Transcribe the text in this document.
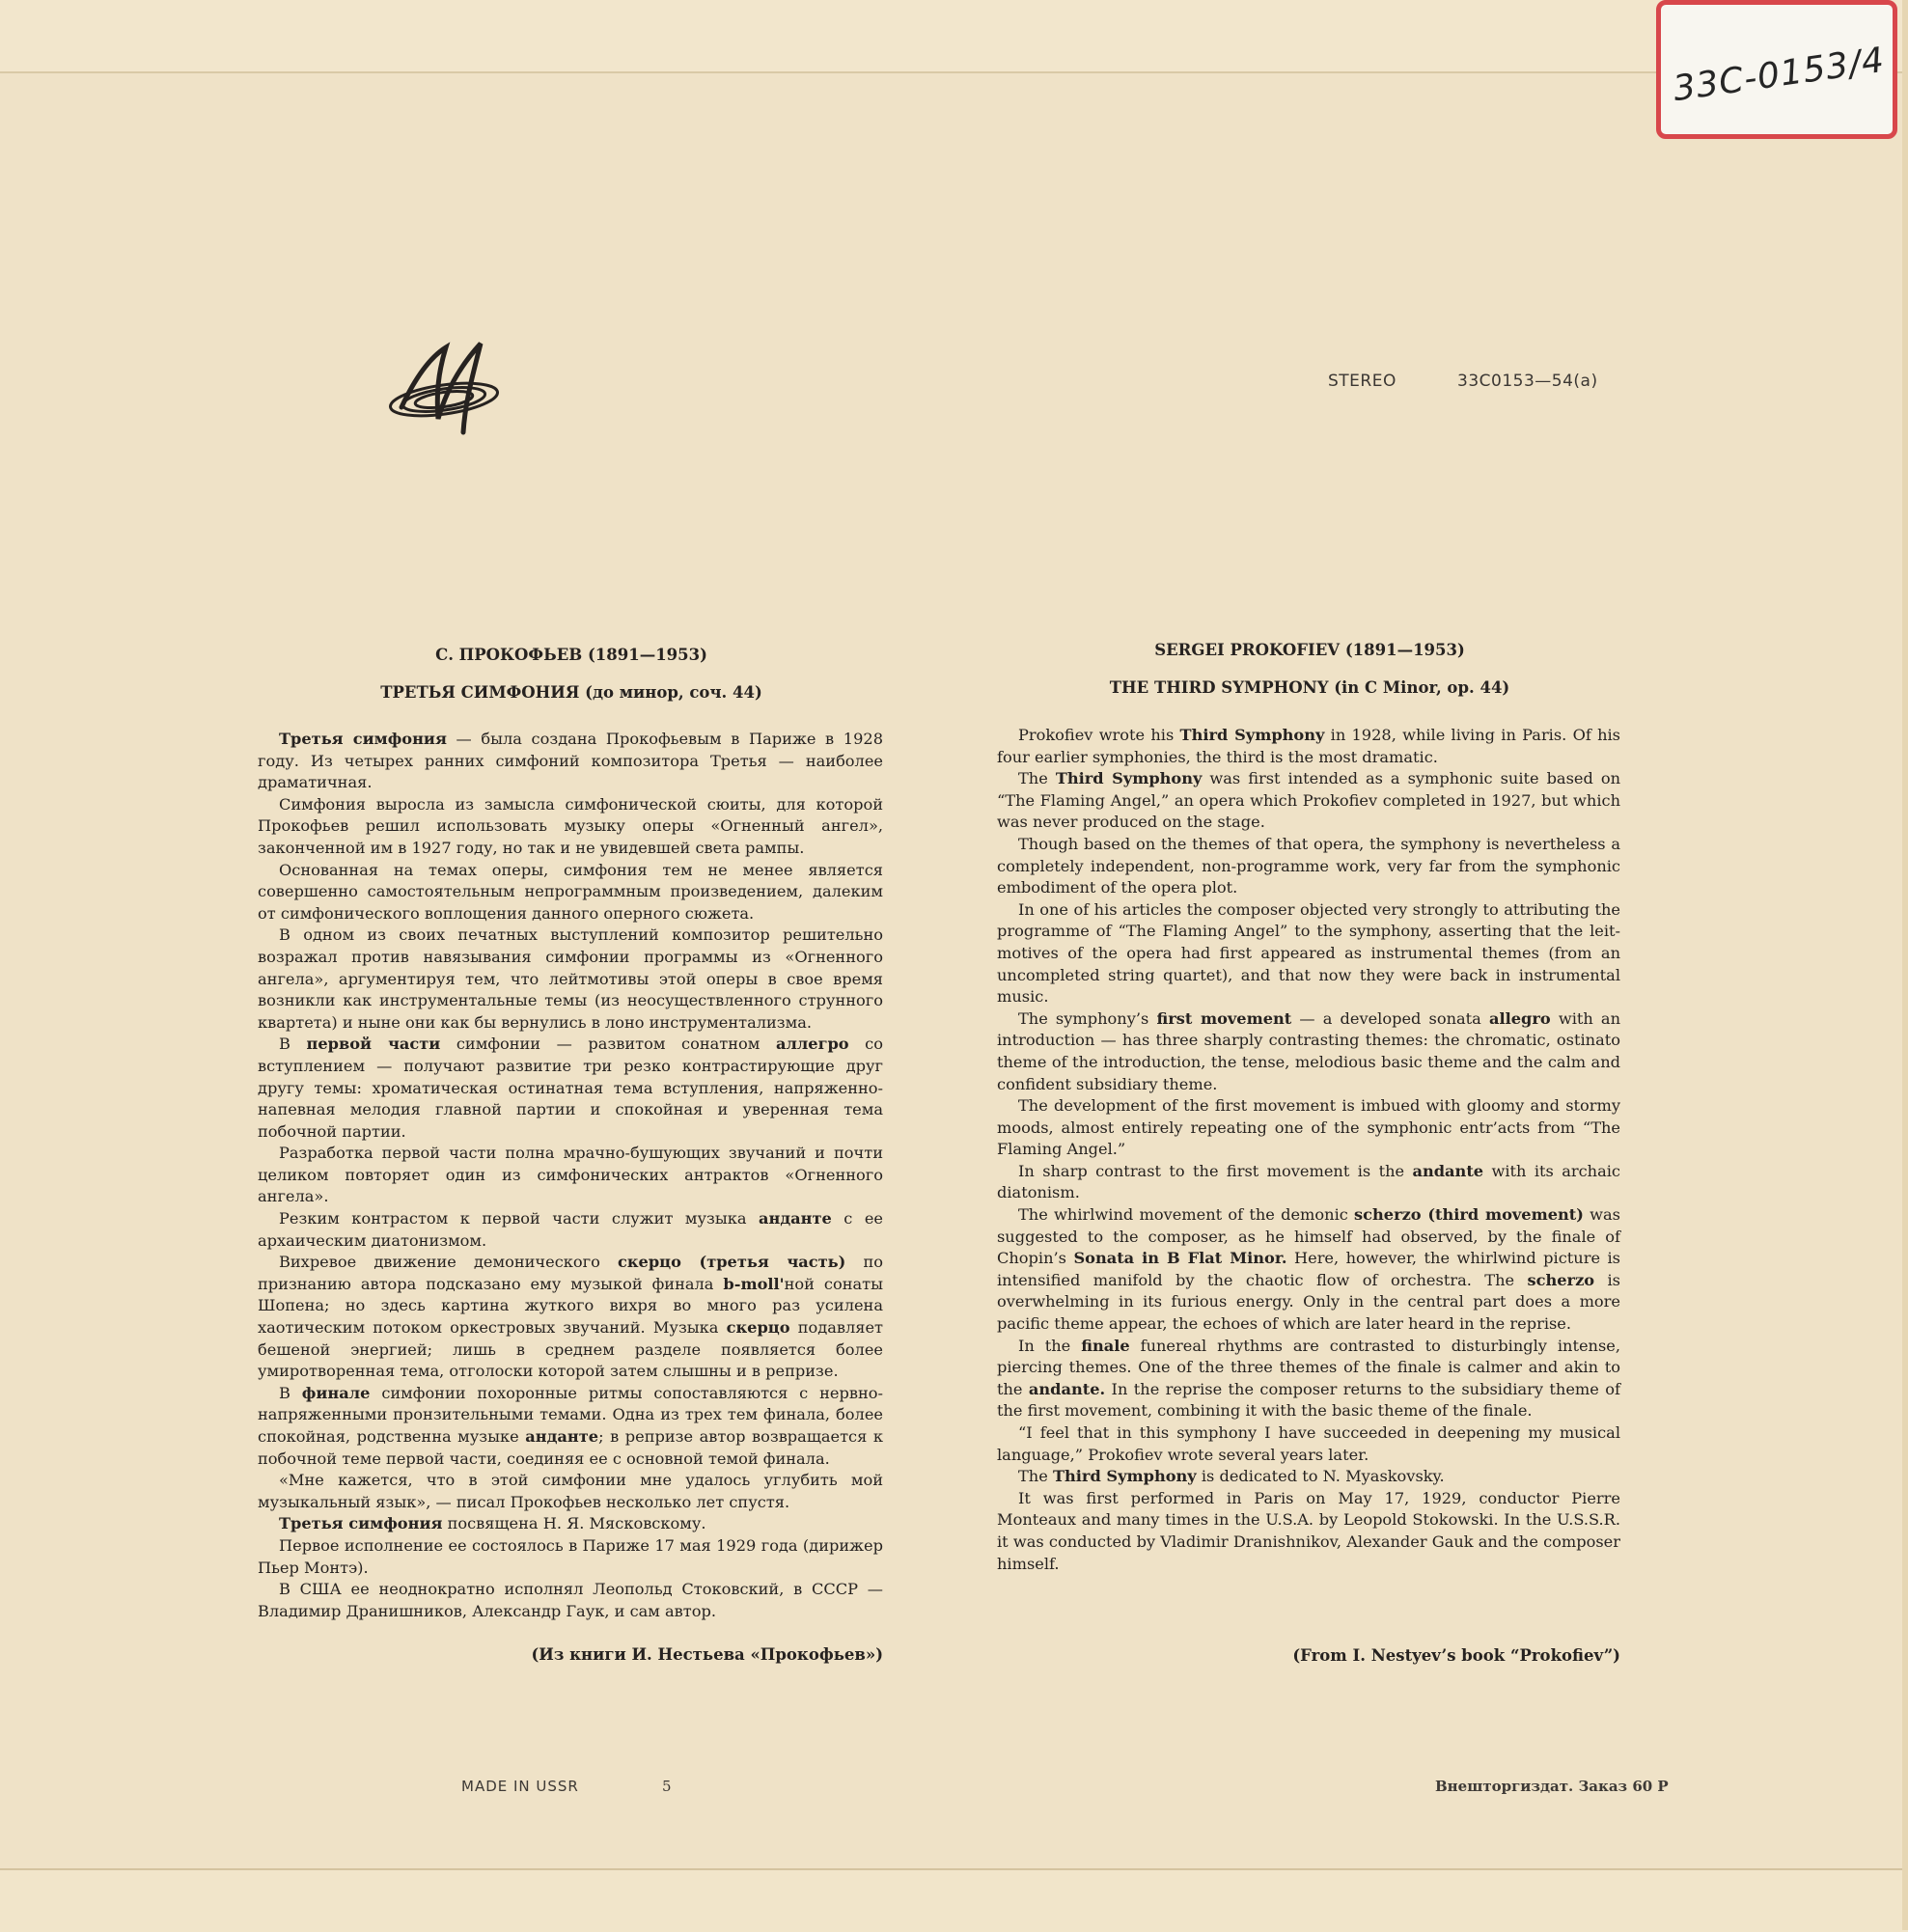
33С-0153/4
STEREO	33С0153—54(a)
С. ПРОКОФЬЕВ (1891—1953)
ТРЕТЬЯ СИМФОНИЯ (до минор, соч. 44)

Третья симфония — была создана Прокофьевым в Париже в 1928 году. Из четырех ранних симфоний композитора Третья — наиболее драматичная.

Симфония выросла из замысла симфонической сюиты, для которой Прокофьев решил использовать музыку оперы «Огненный ангел», законченной им в 1927 году, но так и не увидевшей света рампы.

Основанная на темах оперы, симфония тем не менее является совершенно самостоятельным непрограммным произведением, далеким от симфонического воплощения данного оперного сюжета.

В одном из своих печатных выступлений композитор решительно возражал против навязывания симфонии программы из «Огненного ангела», аргументируя тем, что лейтмотивы этой оперы в свое время возникли как инструментальные темы (из неосуществленного струнного квартета) и ныне они как бы вернулись в лоно инструментализма.

В первой части симфонии — развитом сонатном аллегро со вступлением — получают развитие три резко контрастирующие друг другу темы: хроматическая остинатная тема вступления, напряженно-напевная мелодия главной партии и спокойная и уверенная тема побочной партии.

Разработка первой части полна мрачно-бушующих звучаний и почти целиком повторяет один из симфонических антрактов «Огненного ангела».

Резким контрастом к первой части служит музыка анданте с ее архаическим диатонизмом.

Вихревое движение демонического скерцо (третья часть) по признанию автора подсказано ему музыкой финала b-moll'ной сонаты Шопена; но здесь картина жуткого вихря во много раз усилена хаотическим потоком оркестровых звучаний. Музыка скерцо подавляет бешеной энергией; лишь в среднем разделе появляется более умиротворенная тема, отголоски которой затем слышны и в репризе.

В финале симфонии похоронные ритмы сопоставляются с нервно-напряженными пронзительными темами. Одна из трех тем финала, более спокойная, родственна музыке анданте; в репризе автор возвращается к побочной теме первой части, соединяя ее с основной темой финала.

«Мне кажется, что в этой симфонии мне удалось углубить мой музыкальный язык», — писал Прокофьев несколько лет спустя.

Третья симфония посвящена Н. Я. Мясковскому.

Первое исполнение ее состоялось в Париже 17 мая 1929 года (дирижер Пьер Монтэ).

В США ее неоднократно исполнял Леопольд Стоковский, в СССР — Владимир Дранишников, Александр Гаук, и сам автор.

(Из книги И. Нестьева «Прокофьев»)
SERGEI PROKOFIEV (1891—1953)
THE THIRD SYMPHONY (in C Minor, op. 44)

Prokofiev wrote his Third Symphony in 1928, while living in Paris. Of his four earlier symphonies, the third is the most dramatic.

The Third Symphony was first intended as a symphonic suite based on “The Flaming Angel,” an opera which Prokofiev completed in 1927, but which was never produced on the stage.

Though based on the themes of that opera, the symphony is nevertheless a completely independent, non-programme work, very far from the symphonic embodiment of the opera plot.

In one of his articles the composer objected very strongly to attributing the programme of “The Flaming Angel” to the symphony, asserting that the leit-motives of the opera had first appeared as instrumental themes (from an uncompleted string quartet), and that now they were back in instrumental music.

The symphony’s first movement — a developed sonata allegro with an introduction — has three sharply contrasting themes: the chromatic, ostinato theme of the introduction, the tense, melodious basic theme and the calm and confident subsidiary theme.

The development of the first movement is imbued with gloomy and stormy moods, almost entirely repeating one of the symphonic entr’acts from “The Flaming Angel.”

In sharp contrast to the first movement is the andante with its archaic diatonism.

The whirlwind movement of the demonic scherzo (third movement) was suggested to the composer, as he himself had observed, by the finale of Chopin’s Sonata in B Flat Minor. Here, however, the whirlwind picture is intensified manifold by the chaotic flow of orchestra. The scherzo is overwhelming in its furious energy. Only in the central part does a more pacific theme appear, the echoes of which are later heard in the reprise.

In the finale funereal rhythms are contrasted to disturbingly intense, piercing themes. One of the three themes of the finale is calmer and akin to the andante. In the reprise the composer returns to the subsidiary theme of the first movement, combining it with the basic theme of the finale.

“I feel that in this symphony I have succeeded in deepening my musical language,” Prokofiev wrote several years later.

The Third Symphony is dedicated to N. Myaskovsky.

It was first performed in Paris on May 17, 1929, conductor Pierre Monteaux and many times in the U.S.A. by Leopold Stokowski. In the U.S.S.R. it was conducted by Vladimir Dranishnikov, Alexander Gauk and the composer himself.

(From I. Nestyev’s book “Prokofiev”)
MADE IN USSR	5	Внешторгиздат. Заказ 60 Р
